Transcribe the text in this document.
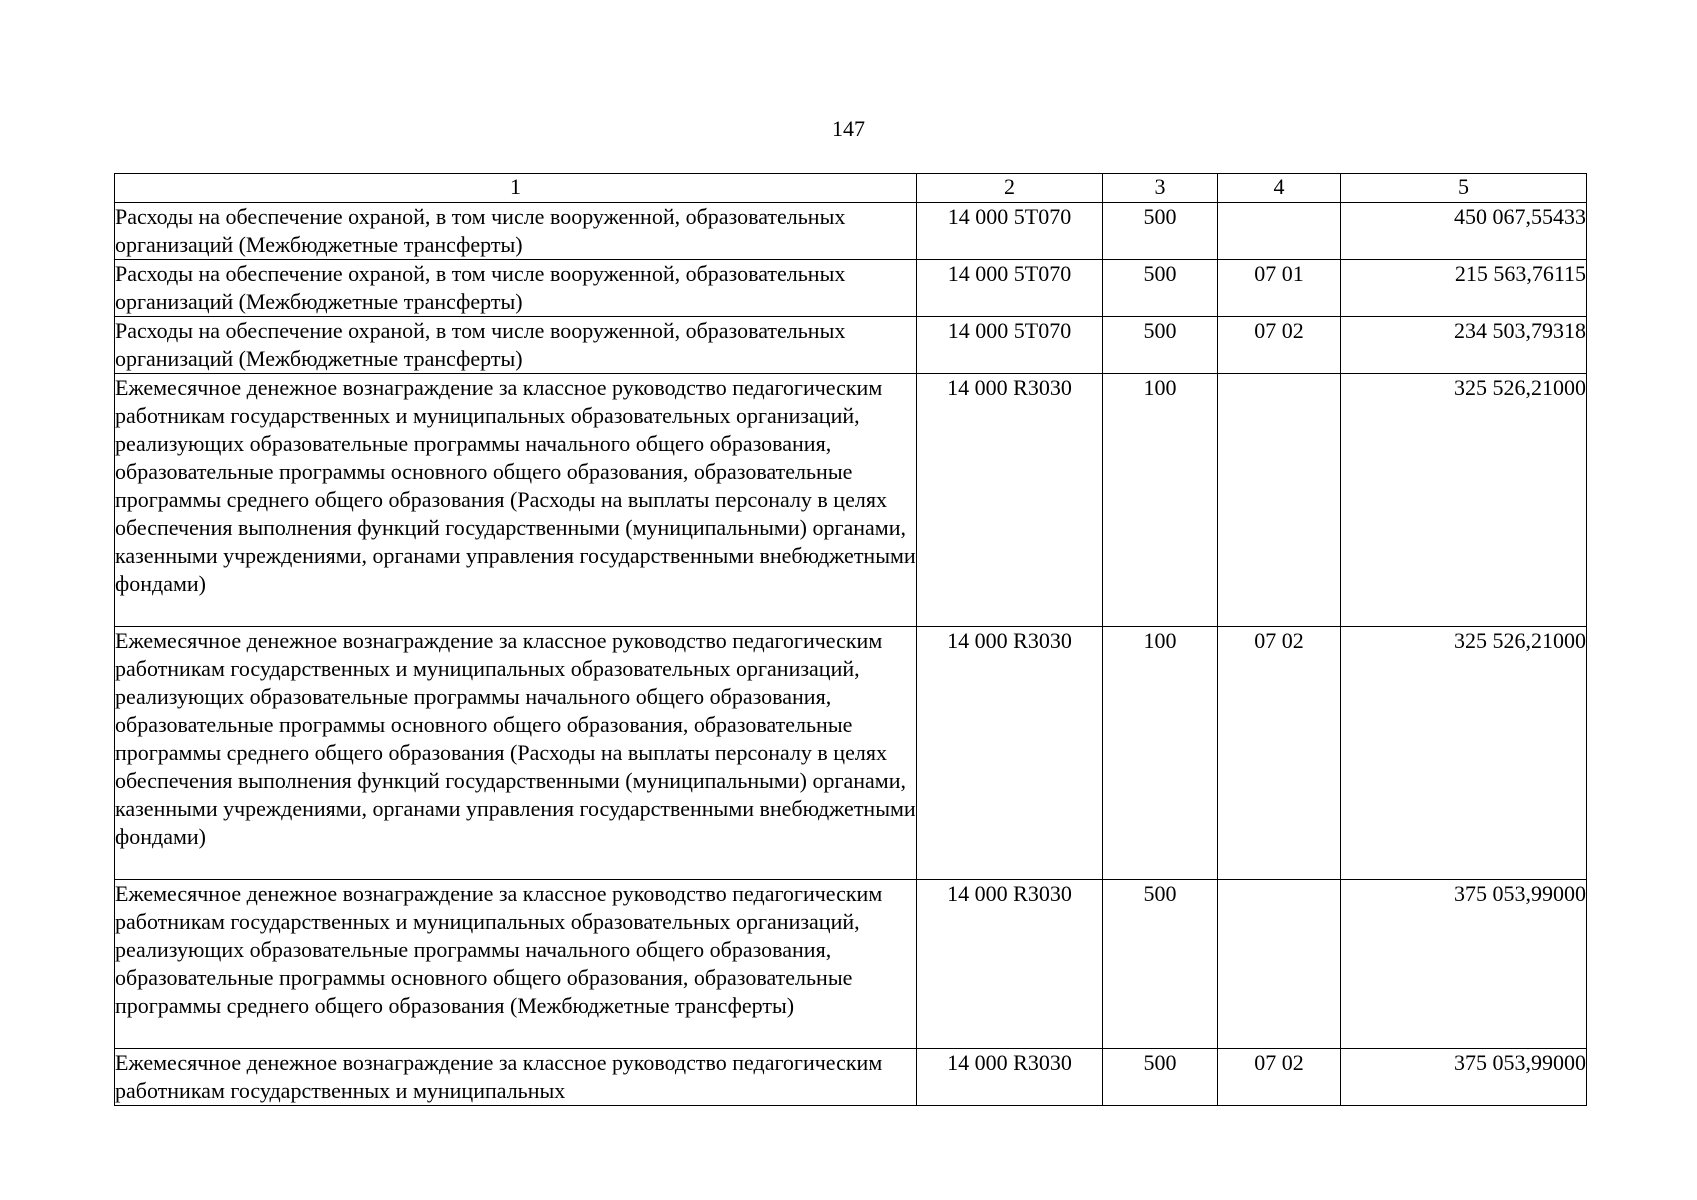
147
1	2	3	4	5
Расходы на обеспечение охраной, в том числе вооруженной, образовательных организаций (Межбюджетные трансферты)	14 000 5Т070	500		450 067,55433
Расходы на обеспечение охраной, в том числе вооруженной, образовательных организаций (Межбюджетные трансферты)	14 000 5Т070	500	07 01	215 563,76115
Расходы на обеспечение охраной, в том числе вооруженной, образовательных организаций (Межбюджетные трансферты)	14 000 5Т070	500	07 02	234 503,79318
Ежемесячное денежное вознаграждение за классное руководство педагогическим работникам государственных и муниципальных образовательных организаций, реализующих образовательные программы начального общего образования, образовательные программы основного общего образования, образовательные программы среднего общего образования (Расходы на выплаты персоналу в целях обеспечения выполнения функций государственными (муниципальными) органами, казенными учреждениями, органами управления государственными внебюджетными фондами)	14 000 R3030	100		325 526,21000
Ежемесячное денежное вознаграждение за классное руководство педагогическим работникам государственных и муниципальных образовательных организаций, реализующих образовательные программы начального общего образования, образовательные программы основного общего образования, образовательные программы среднего общего образования (Расходы на выплаты персоналу в целях обеспечения выполнения функций государственными (муниципальными) органами, казенными учреждениями, органами управления государственными внебюджетными фондами)	14 000 R3030	100	07 02	325 526,21000
Ежемесячное денежное вознаграждение за классное руководство педагогическим работникам государственных и муниципальных образовательных организаций, реализующих образовательные программы начального общего образования, образовательные программы основного общего образования, образовательные программы среднего общего образования (Межбюджетные трансферты)	14 000 R3030	500		375 053,99000
Ежемесячное денежное вознаграждение за классное руководство педагогическим работникам государственных и муниципальных	14 000 R3030	500	07 02	375 053,99000
